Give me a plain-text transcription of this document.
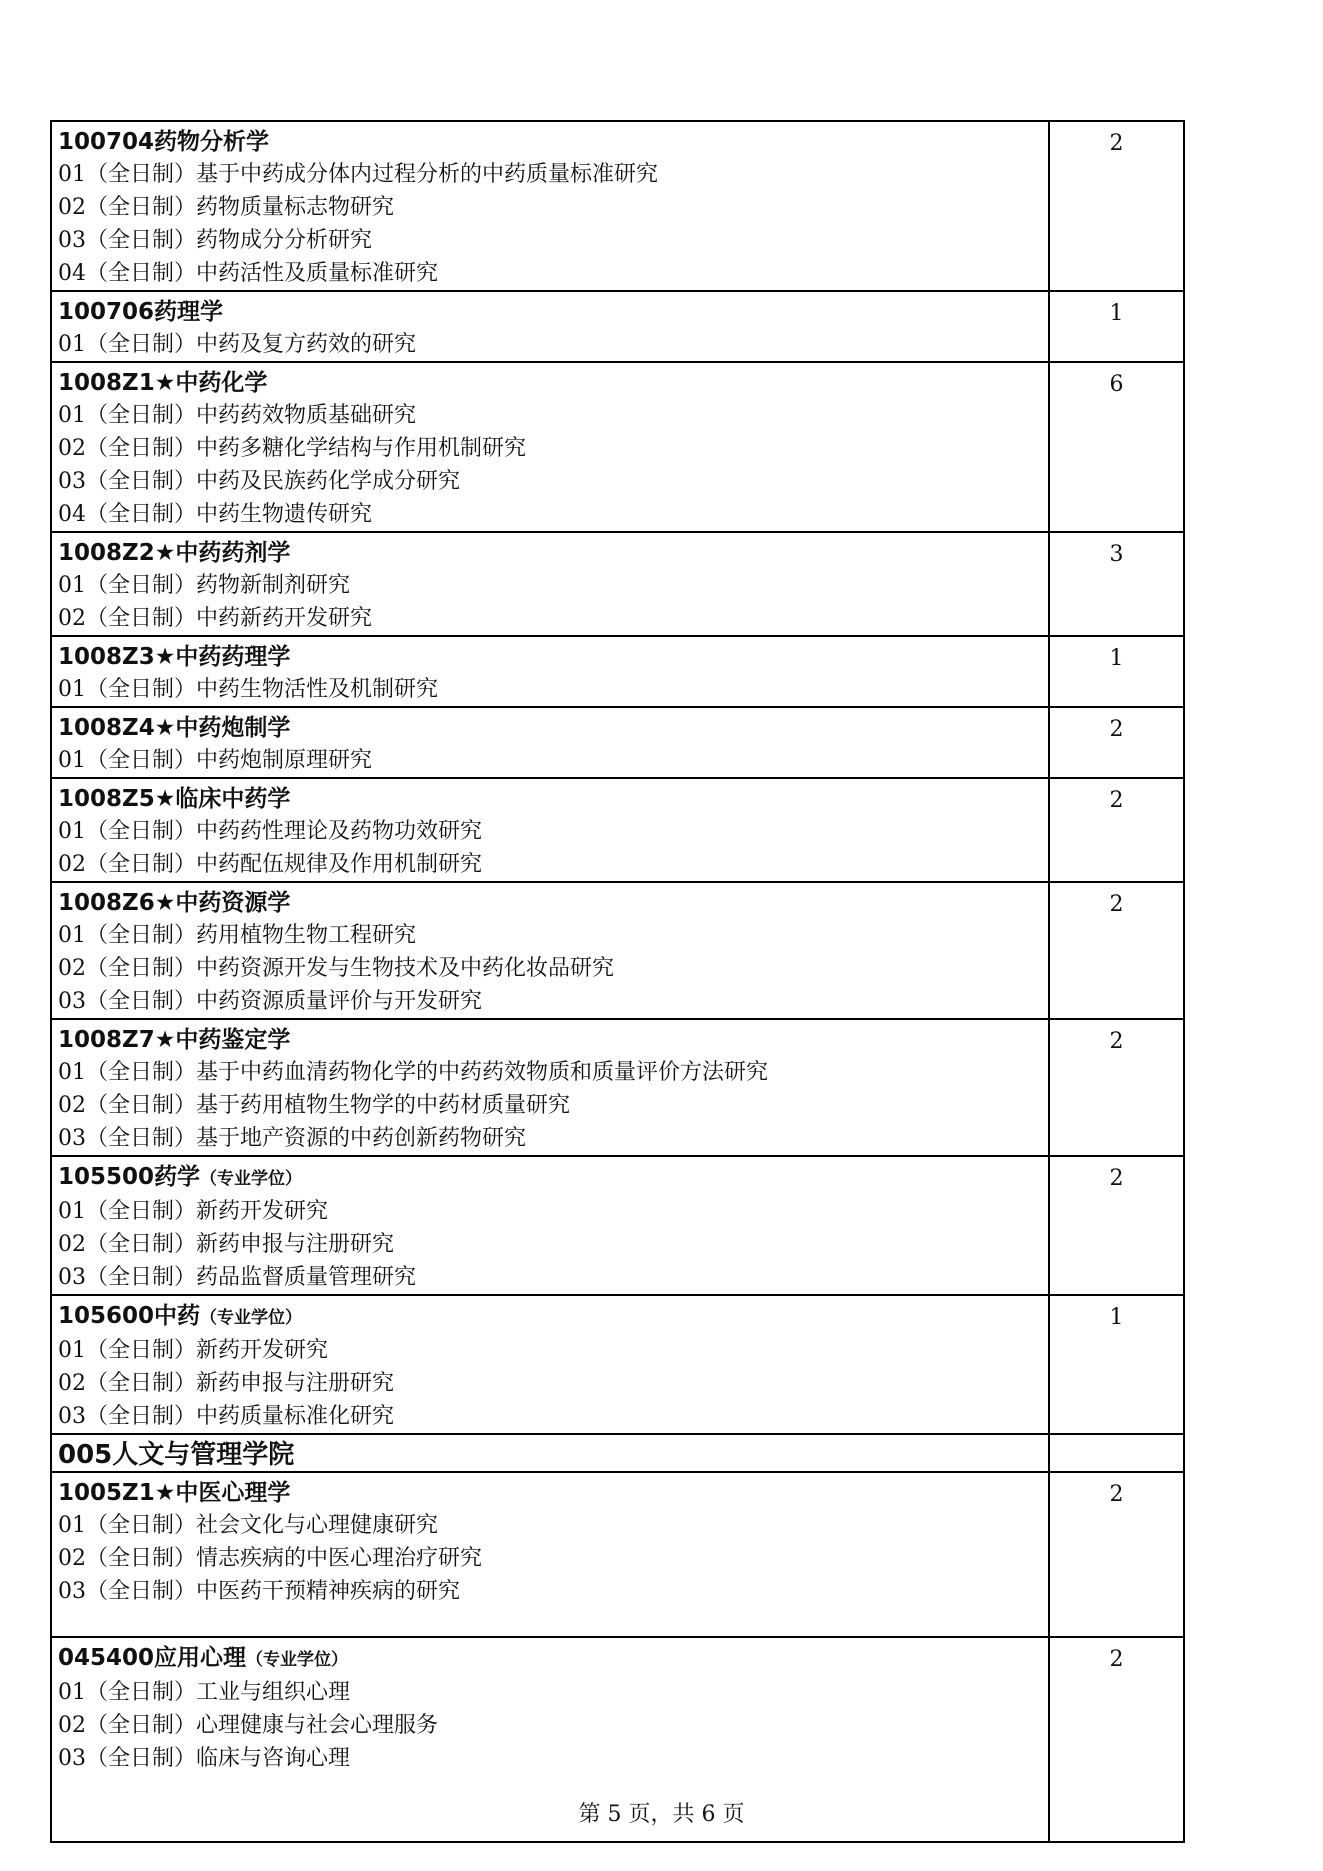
100704药物分析学
01（全日制）基于中药成分体内过程分析的中药质量标准研究
02（全日制）药物质量标志物研究
03（全日制）药物成分分析研究
04（全日制）中药活性及质量标准研究	2

100706药理学
01（全日制）中药及复方药效的研究	1

1008Z1★中药化学
01（全日制）中药药效物质基础研究
02（全日制）中药多糖化学结构与作用机制研究
03（全日制）中药及民族药化学成分研究
04（全日制）中药生物遗传研究	6

1008Z2★中药药剂学
01（全日制）药物新制剂研究
02（全日制）中药新药开发研究	3

1008Z3★中药药理学
01（全日制）中药生物活性及机制研究	1

1008Z4★中药炮制学
01（全日制）中药炮制原理研究	2

1008Z5★临床中药学
01（全日制）中药药性理论及药物功效研究
02（全日制）中药配伍规律及作用机制研究	2

1008Z6★中药资源学
01（全日制）药用植物生物工程研究
02（全日制）中药资源开发与生物技术及中药化妆品研究
03（全日制）中药资源质量评价与开发研究	2

1008Z7★中药鉴定学
01（全日制）基于中药血清药物化学的中药药效物质和质量评价方法研究
02（全日制）基于药用植物生物学的中药材质量研究
03（全日制）基于地产资源的中药创新药物研究	2

105500药学（专业学位）
01（全日制）新药开发研究
02（全日制）新药申报与注册研究
03（全日制）药品监督质量管理研究	2

105600中药（专业学位）
01（全日制）新药开发研究
02（全日制）新药申报与注册研究
03（全日制）中药质量标准化研究	1

005人文与管理学院	

1005Z1★中医心理学
01（全日制）社会文化与心理健康研究
02（全日制）情志疾病的中医心理治疗研究
03（全日制）中医药干预精神疾病的研究	2

045400应用心理（专业学位）
01（全日制）工业与组织心理
02（全日制）心理健康与社会心理服务
03（全日制）临床与咨询心理	2
第 5 页，共 6 页
